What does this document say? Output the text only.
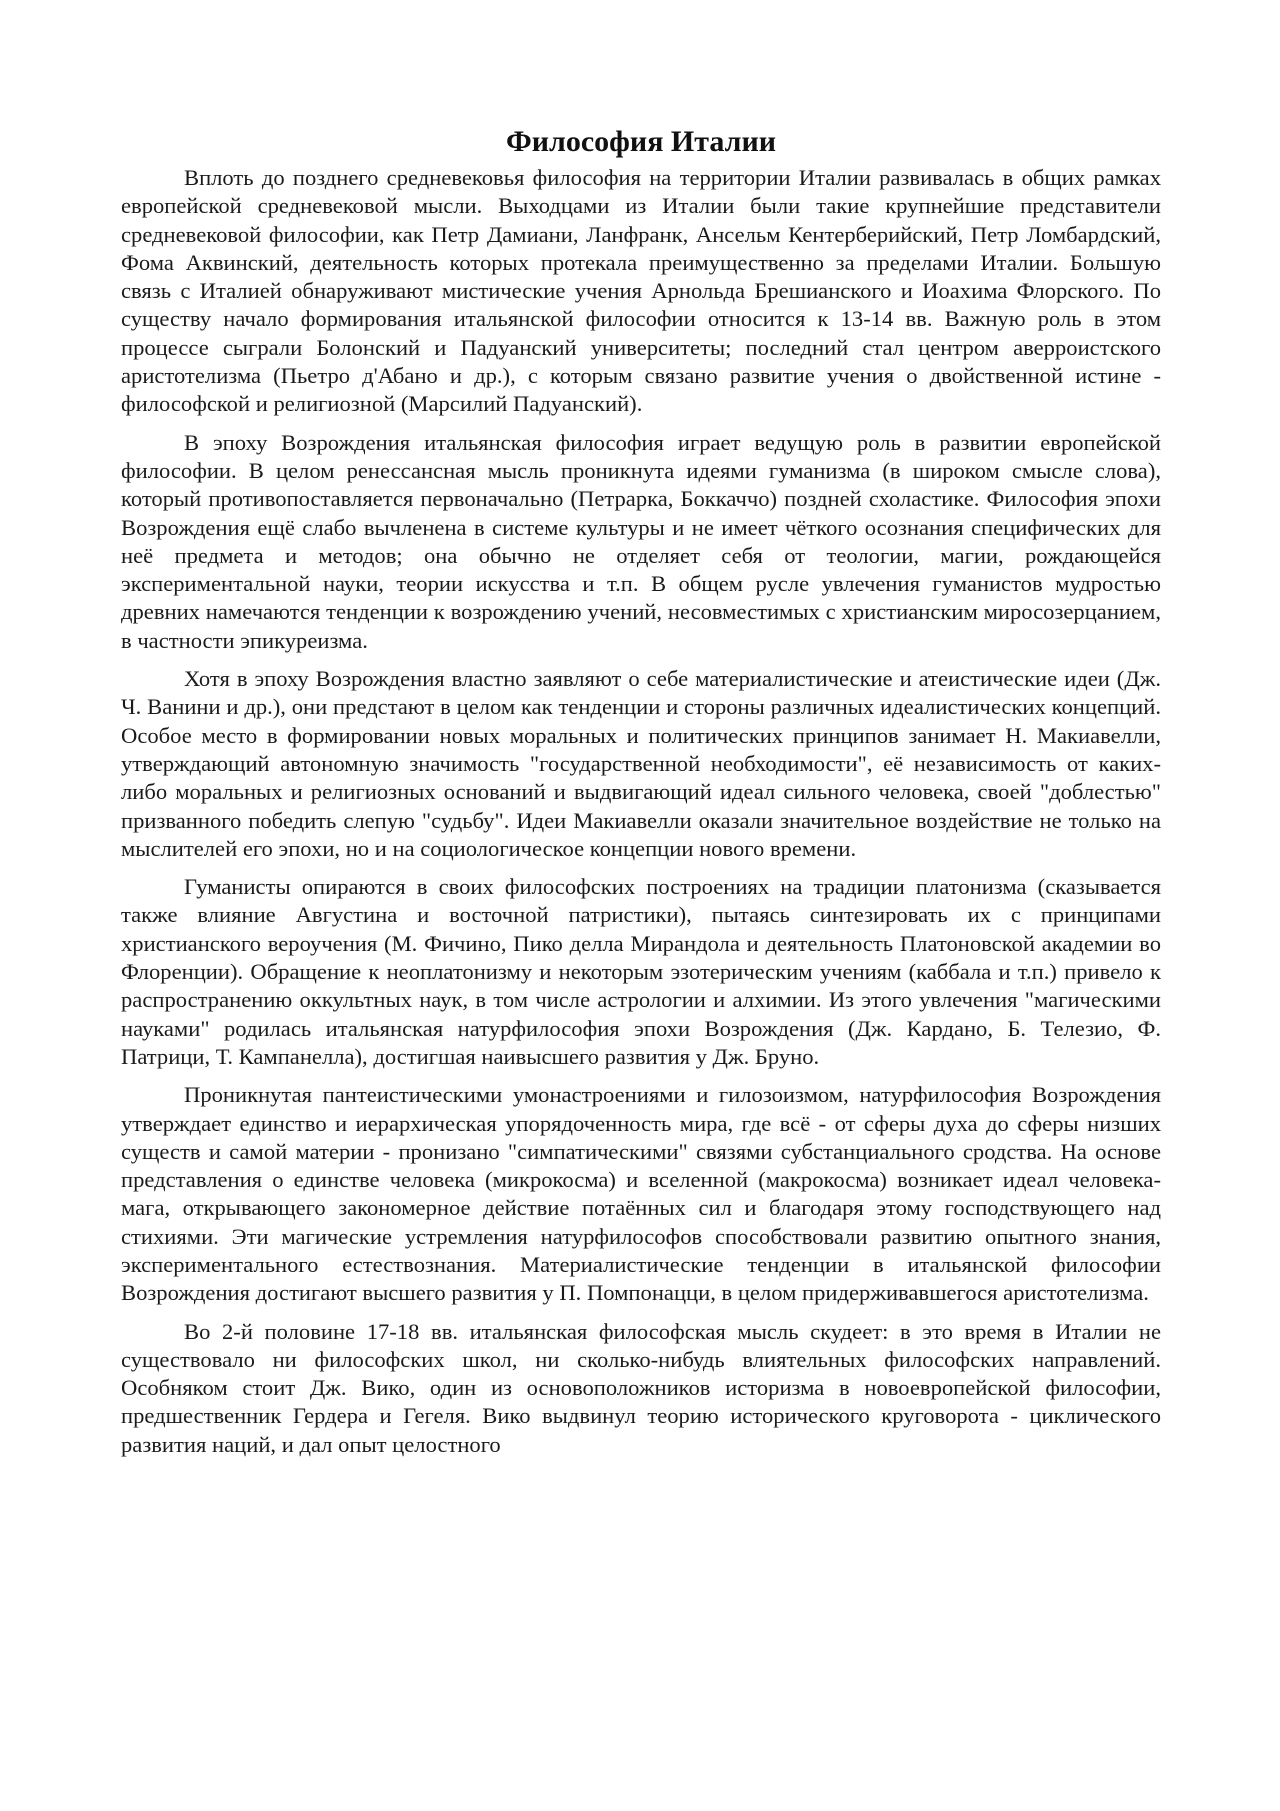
Философия Италии

Вплоть до позднего средневековья философия на территории Италии развивалась в общих рамках европейской средневековой мысли. Выходцами из Италии были такие крупнейшие представители средневековой философии, как Петр Дамиани, Ланфранк, Ансельм Кентерберийский, Петр Ломбардский, Фома Аквинский, деятельность которых протекала преимущественно за пределами Италии. Большую связь с Италией обнаруживают мистические учения Арнольда Брешианского и Иоахима Флорского. По существу начало формирования итальянской философии относится к 13-14 вв. Важную роль в этом процессе сыграли Болонский и Падуанский университеты; последний стал центром аверроистского аристотелизма (Пьетро д'Абано и др.), с которым связано развитие учения о двойственной истине - философской и религиозной (Марсилий Падуанский).

В эпоху Возрождения итальянская философия играет ведущую роль в развитии европейской философии. В целом ренессансная мысль проникнута идеями гуманизма (в широком смысле слова), который противопоставляется первоначально (Петрарка, Боккаччо) поздней схоластике. Философия эпохи Возрождения ещё слабо вычленена в системе культуры и не имеет чёткого осознания специфических для неё предмета и методов; она обычно не отделяет себя от теологии, магии, рождающейся экспериментальной науки, теории искусства и т.п. В общем русле увлечения гуманистов мудростью древних намечаются тенденции к возрождению учений, несовместимых с христианским миросозерцанием, в частности эпикуреизма.

Хотя в эпоху Возрождения властно заявляют о себе материалистические и атеистические идеи (Дж. Ч. Ванини и др.), они предстают в целом как тенденции и стороны различных идеалистических концепций. Особое место в формировании новых моральных и политических принципов занимает Н. Макиавелли, утверждающий автономную значимость "государственной необходимости", её независимость от каких-либо моральных и религиозных оснований и выдвигающий идеал сильного человека, своей "доблестью" призванного победить слепую "судьбу". Идеи Макиавелли оказали значительное воздействие не только на мыслителей его эпохи, но и на социологическое концепции нового времени.

Гуманисты опираются в своих философских построениях на традиции платонизма (сказывается также влияние Августина и восточной патристики), пытаясь синтезировать их с принципами христианского вероучения (М. Фичино, Пико делла Мирандола и деятельность Платоновской академии во Флоренции). Обращение к неоплатонизму и некоторым эзотерическим учениям (каббала и т.п.) привело к распространению оккультных наук, в том числе астрологии и алхимии. Из этого увлечения "магическими науками" родилась итальянская натурфилософия эпохи Возрождения (Дж. Кардано, Б. Телезио, Ф. Патрици, Т. Кампанелла), достигшая наивысшего развития у Дж. Бруно.

Проникнутая пантеистическими умонастроениями и гилозоизмом, натурфилософия Возрождения утверждает единство и иерархическая упорядоченность мира, где всё - от сферы духа до сферы низших существ и самой материи - пронизано "симпатическими" связями субстанциального сродства. На основе представления о единстве человека (микрокосма) и вселенной (макрокосма) возникает идеал человека-мага, открывающего закономерное действие потаённых сил и благодаря этому господствующего над стихиями. Эти магические устремления натурфилософов способствовали развитию опытного знания, экспериментального естествознания. Материалистические тенденции в итальянской философии Возрождения достигают высшего развития у П. Помпонацци, в целом придерживавшегося аристотелизма.

Во 2-й половине 17-18 вв. итальянская философская мысль скудеет: в это время в Италии не существовало ни философских школ, ни сколько-нибудь влиятельных философских направлений. Особняком стоит Дж. Вико, один из основоположников историзма в новоевропейской философии, предшественник Гердера и Гегеля. Вико выдвинул теорию исторического круговорота - циклического развития наций, и дал опыт целостного
